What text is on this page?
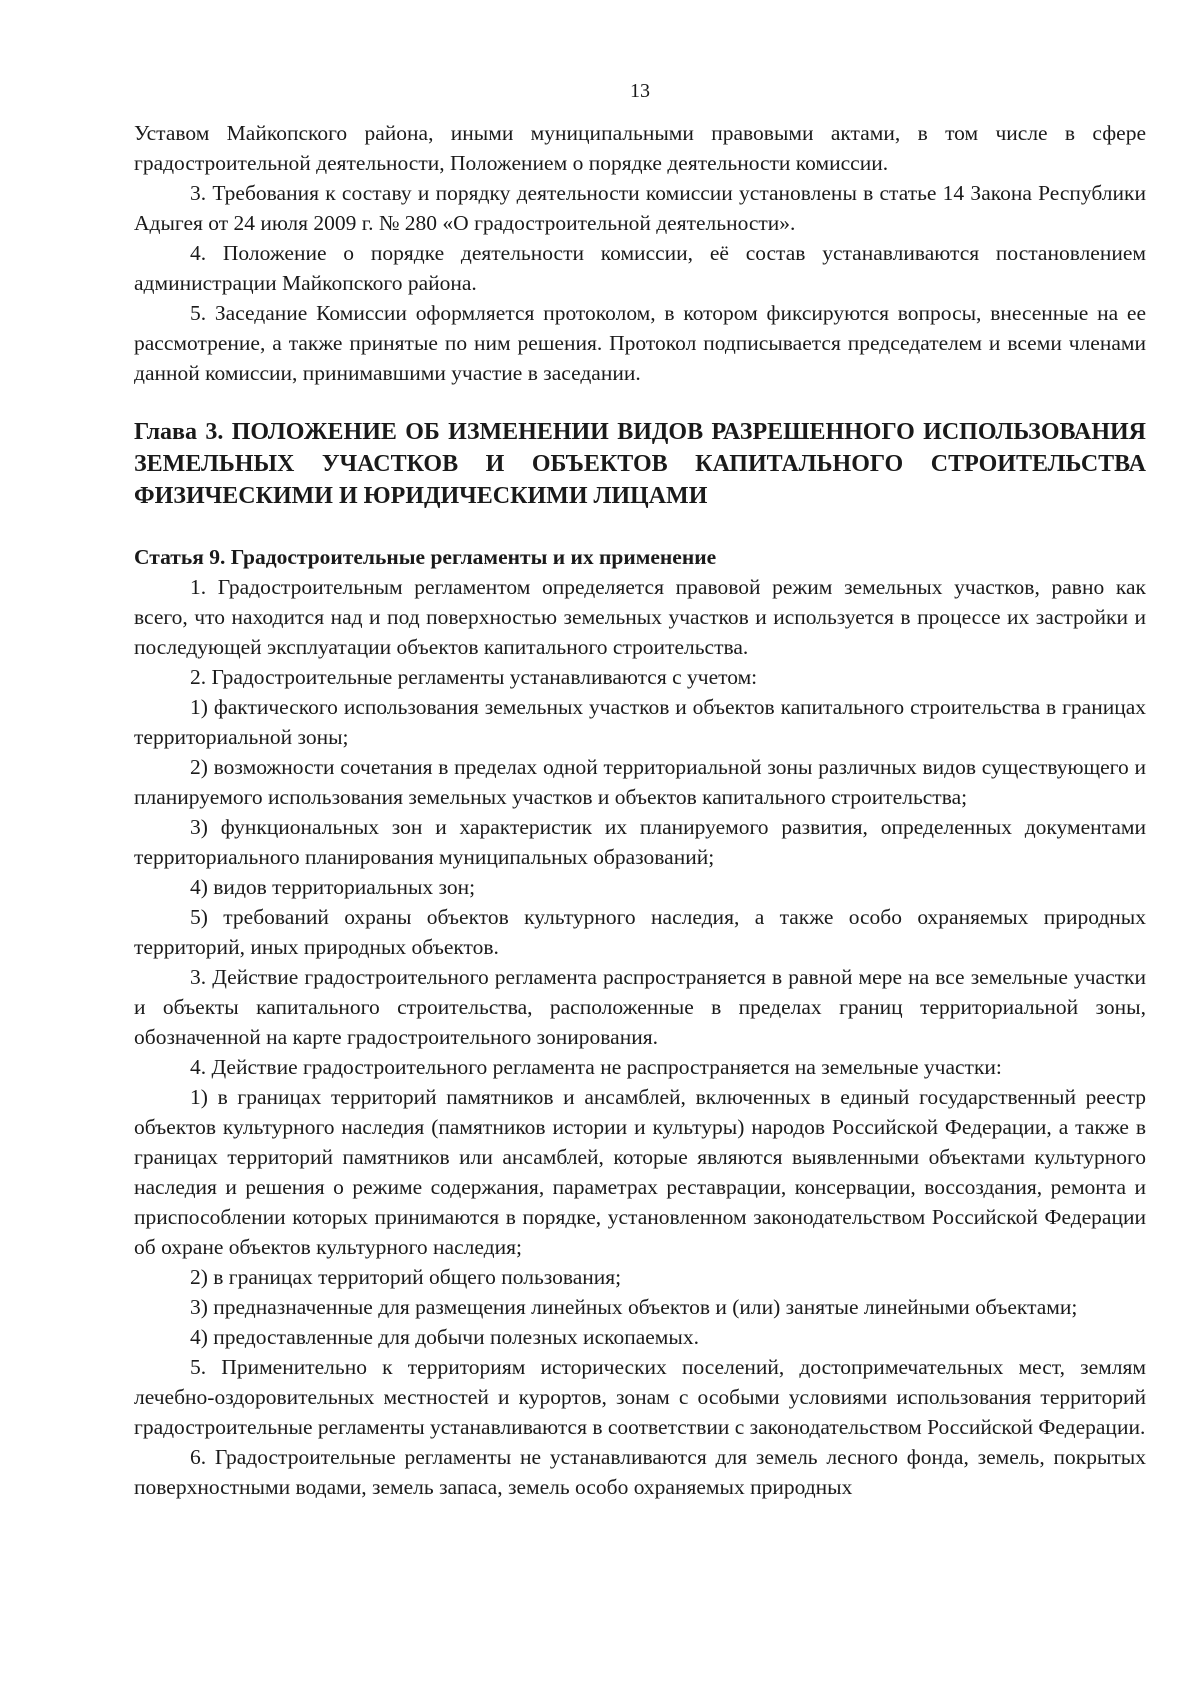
13

Уставом Майкопского района, иными муниципальными правовыми актами, в том числе в сфере градостроительной деятельности, Положением о порядке деятельности комиссии.

3. Требования к составу и порядку деятельности комиссии установлены в статье 14 Закона Республики Адыгея от 24 июля 2009 г. № 280 «О градостроительной деятельности».

4. Положение о порядке деятельности комиссии, её состав устанавливаются постановлением администрации Майкопского района.

5. Заседание Комиссии оформляется протоколом, в котором фиксируются вопросы, внесенные на ее рассмотрение, а также принятые по ним решения. Протокол подписывается председателем и всеми членами данной комиссии, принимавшими участие в заседании.

Глава 3. ПОЛОЖЕНИЕ ОБ ИЗМЕНЕНИИ ВИДОВ РАЗРЕШЕННОГО ИСПОЛЬЗОВАНИЯ ЗЕМЕЛЬНЫХ УЧАСТКОВ И ОБЪЕКТОВ КАПИТАЛЬНОГО СТРОИТЕЛЬСТВА ФИЗИЧЕСКИМИ И ЮРИДИЧЕСКИМИ ЛИЦАМИ

Статья 9. Градостроительные регламенты и их применение

1. Градостроительным регламентом определяется правовой режим земельных участков, равно как всего, что находится над и под поверхностью земельных участков и используется в процессе их застройки и последующей эксплуатации объектов капитального строительства.

2. Градостроительные регламенты устанавливаются с учетом:

1) фактического использования земельных участков и объектов капитального строительства в границах территориальной зоны;

2) возможности сочетания в пределах одной территориальной зоны различных видов существующего и планируемого использования земельных участков и объектов капитального строительства;

3) функциональных зон и характеристик их планируемого развития, определенных документами территориального планирования муниципальных образований;

4) видов территориальных зон;

5) требований охраны объектов культурного наследия, а также особо охраняемых природных территорий, иных природных объектов.

3. Действие градостроительного регламента распространяется в равной мере на все земельные участки и объекты капитального строительства, расположенные в пределах границ территориальной зоны, обозначенной на карте градостроительного зонирования.

4. Действие градостроительного регламента не распространяется на земельные участки:

1) в границах территорий памятников и ансамблей, включенных в единый государственный реестр объектов культурного наследия (памятников истории и культуры) народов Российской Федерации, а также в границах территорий памятников или ансамблей, которые являются выявленными объектами культурного наследия и решения о режиме содержания, параметрах реставрации, консервации, воссоздания, ремонта и приспособлении которых принимаются в порядке, установленном законодательством Российской Федерации об охране объектов культурного наследия;

2) в границах территорий общего пользования;

3) предназначенные для размещения линейных объектов и (или) занятые линейными объектами;

4) предоставленные для добычи полезных ископаемых.

5. Применительно к территориям исторических поселений, достопримечательных мест, землям лечебно-оздоровительных местностей и курортов, зонам с особыми условиями использования территорий градостроительные регламенты устанавливаются в соответствии с законодательством Российской Федерации.

6. Градостроительные регламенты не устанавливаются для земель лесного фонда, земель, покрытых поверхностными водами, земель запаса, земель особо охраняемых природных
